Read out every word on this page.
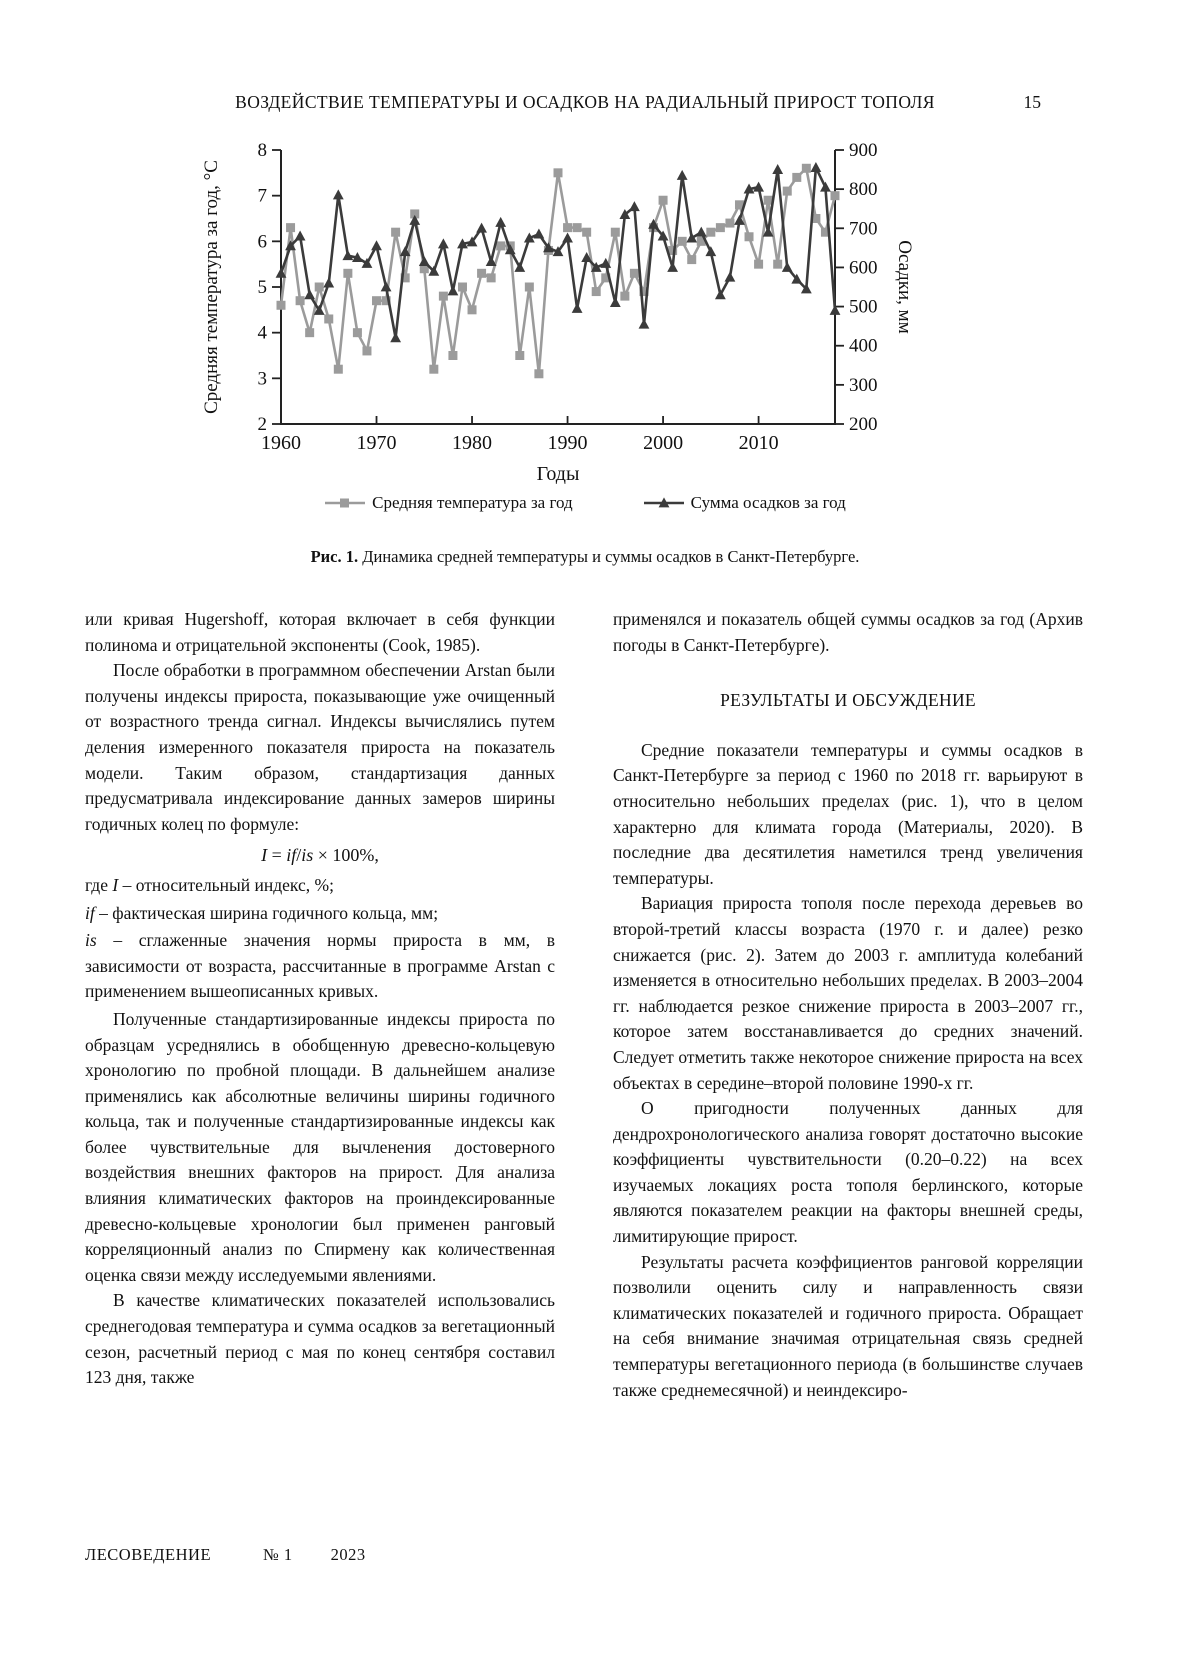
ВОЗДЕЙСТВИЕ ТЕМПЕРАТУРЫ И ОСАДКОВ НА РАДИАЛЬНЫЙ ПРИРОСТ ТОПОЛЯ	15
2
3
4
5
6
7
8
200
300
400
500
600
700
800
900
1960	1970	1980	1990	2000	2010
Средняя температура за год, °C	Осадки, мм
Годы
Средняя температура за год	Сумма осадков за год
Рис. 1. Динамика средней температуры и суммы осадков в Санкт-Петербурге.

или кривая Hugershoff, которая включает в себя функции полинома и отрицательной экспоненты (Cook, 1985).

После обработки в программном обеспечении Arstan были получены индексы прироста, показывающие уже очищенный от возрастного тренда сигнал. Индексы вычислялись путем деления измеренного показателя прироста на показатель модели. Таким образом, стандартизация данных предусматривала индексирование данных замеров ширины годичных колец по формуле:

I = if/is × 100%,

где I – относительный индекс, %;

if – фактическая ширина годичного кольца, мм;

is – сглаженные значения нормы прироста в мм, в зависимости от возраста, рассчитанные в программе Arstan с применением вышеописанных кривых.

Полученные стандартизированные индексы прироста по образцам усреднялись в обобщенную древесно-кольцевую хронологию по пробной площади. В дальнейшем анализе применялись как абсолютные величины ширины годичного кольца, так и полученные стандартизированные индексы как более чувствительные для вычленения достоверного воздействия внешних факторов на прирост. Для анализа влияния климатических факторов на проиндексированные древесно-кольцевые хронологии был применен ранговый корреляционный анализ по Спирмену как количественная оценка связи между исследуемыми явлениями.

В качестве климатических показателей использовались среднегодовая температура и сумма осадков за вегетационный сезон, расчетный период с мая по конец сентября составил 123 дня, также

применялся и показатель общей суммы осадков за год (Архив погоды в Санкт-Петербурге).

РЕЗУЛЬТАТЫ И ОБСУЖДЕНИЕ

Средние показатели температуры и суммы осадков в Санкт-Петербурге за период с 1960 по 2018 гг. варьируют в относительно небольших пределах (рис. 1), что в целом характерно для климата города (Материалы, 2020). В последние два десятилетия наметился тренд увеличения температуры.

Вариация прироста тополя после перехода деревьев во второй-третий классы возраста (1970 г. и далее) резко снижается (рис. 2). Затем до 2003 г. амплитуда колебаний изменяется в относительно небольших пределах. В 2003–2004 гг. наблюдается резкое снижение прироста в 2003–2007 гг., которое затем восстанавливается до средних значений. Следует отметить также некоторое снижение прироста на всех объектах в середине–второй половине 1990-х гг.

О пригодности полученных данных для дендрохронологического анализа говорят достаточно высокие коэффициенты чувствительности (0.20–0.22) на всех изучаемых локациях роста тополя берлинского, которые являются показателем реакции на факторы внешней среды, лимитирующие прирост.

Результаты расчета коэффициентов ранговой корреляции позволили оценить силу и направленность связи климатических показателей и годичного прироста. Обращает на себя внимание значимая отрицательная связь средней температуры вегетационного периода (в большинстве случаев также среднемесячной) и неиндексиро-

ЛЕСОВЕДЕНИЕ	№ 1 2023
